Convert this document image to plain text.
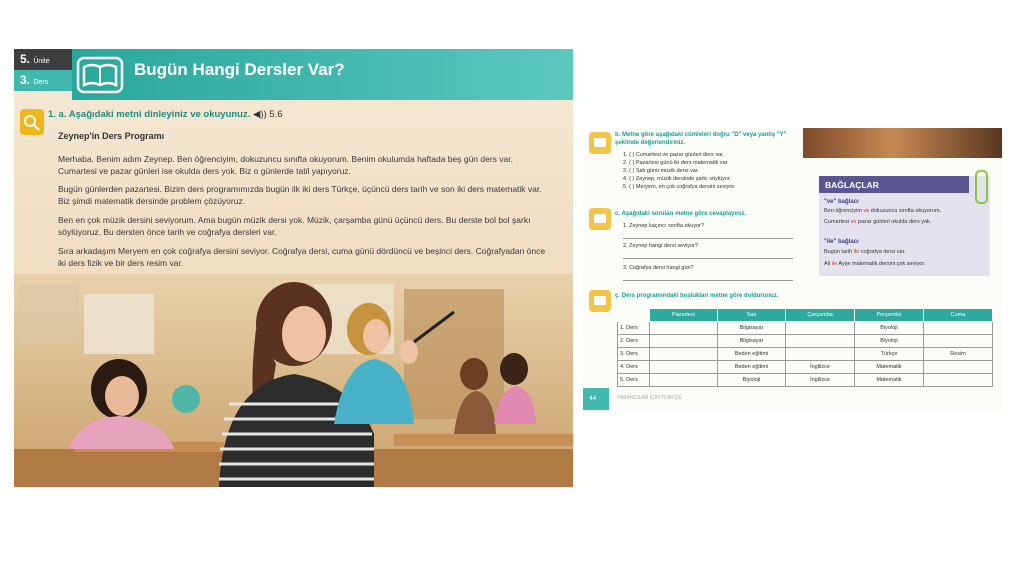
5. Ünite
3. Ders
Bugün Hangi Dersler Var?
1. a. Aşağıdaki metni dinleyiniz ve okuyunuz. ◀)) 5.6
Zeynep'in Ders Programı
Merhaba. Benim adım Zeynep. Ben öğrenciyim, dokuzuncu sınıfta okuyorum. Benim okulumda haftada beş gün ders var. Cumartesi ve pazar günleri ise okulda ders yok. Biz o günlerde tatil yapıyoruz.
Bugün günlerden pazartesi. Bizim ders programımızda bugün ilk iki ders Türkçe, üçüncü ders tarih ve son iki ders matematik var. Biz şimdi matematik dersinde problem çözüyoruz.
Ben en çok müzik dersini seviyorum. Ama bugün müzik dersi yok. Müzik, çarşamba günü üçüncü ders. Bu derste bol bol şarkı söylüyoruz. Bu dersten önce tarih ve coğrafya dersleri var.
Sıra arkadaşım Meryem en çok coğrafya dersini seviyor. Coğrafya dersi, cuma günü dördüncü ve beşinci ders. Coğrafyadan önce iki ders fizik ve bir ders resim var.
b. Metne göre aşağıdaki cümleleri doğru "D" veya yanlış "Y" şeklinde değerlendiriniz.
1. ( ) Cumartesi ve pazar günleri ders var.
2. ( ) Pazartesi günü iki ders matematik var.
3. ( ) Salı günü müzik dersi var.
4. ( ) Zeynep, müzik dersinde şarkı söylüyor.
5. ( ) Meryem, en çok coğrafya dersini seviyor.
c. Aşağıdaki soruları metne göre cevaplayınız.
1. Zeynep kaçıncı sınıfta okuyor?
2. Zeynep hangi dersi seviyor?
3. Coğrafya dersi hangi gün?
BAĞLAÇLAR
"ve" bağlacı
Ben öğrenciyim ve dokuzuncu sınıfta okuyorum.
Cumartesi ve pazar günleri okulda ders yok.
"ile" bağlacı
Bugün tarih ile coğrafya dersi var.
Ali ile Ayşe matematik dersini çok seviyor.
ç. Ders programındaki boşlukları metne göre doldurunuz.
	Pazartesi	Salı	Çarşamba	Perşembe	Cuma
1. Ders		Bilgisayar		Biyoloji	
2. Ders		Bilgisayar		Biyoloji	
3. Ders		Beden eğitimi		Türkçe	Resim
4. Ders		Beden eğitimi	İngilizce	Matematik	
5. Ders		Biyoloji	İngilizce	Matematik	
44	YABANCILAR İÇİN TÜRKÇE
